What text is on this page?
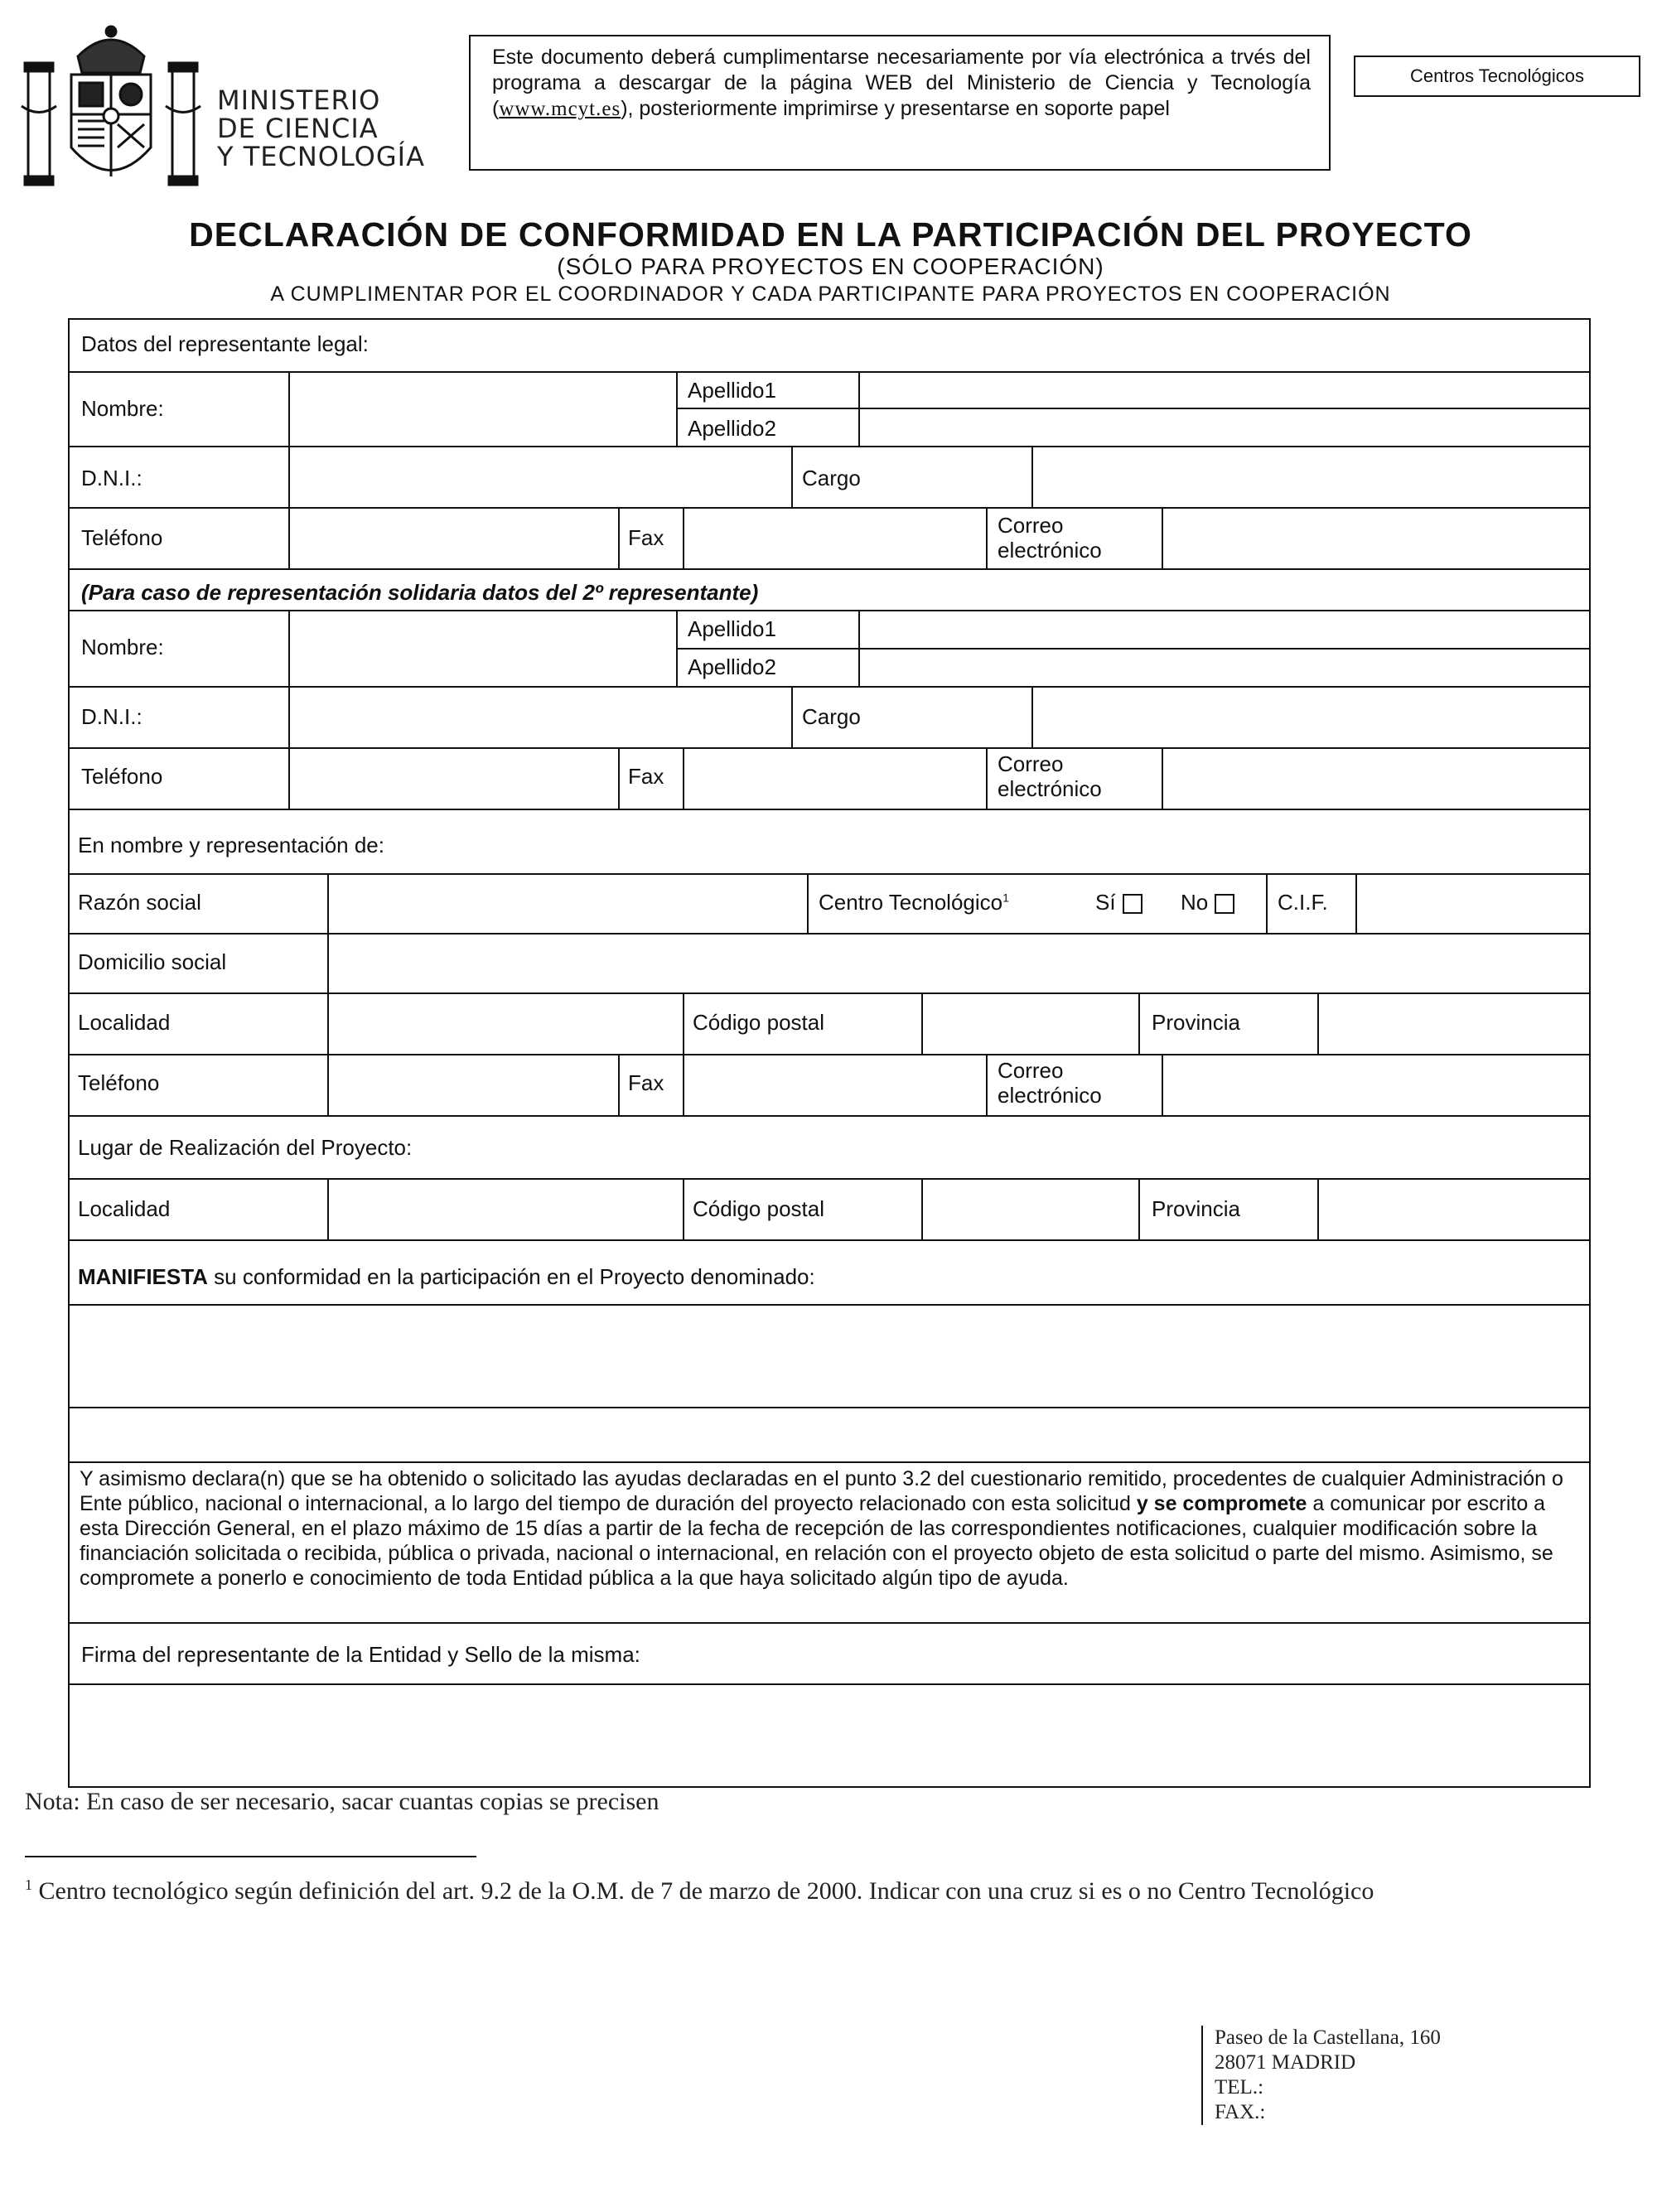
MINISTERIO
DE CIENCIA
Y TECNOLOGÍA
Este documento deberá cumplimentarse necesariamente por vía electrónica a trvés del programa a descargar de la página WEB del Ministerio de Ciencia y Tecnología (www.mcyt.es), posteriormente imprimirse y presentarse en soporte papel
Centros Tecnológicos
DECLARACIÓN DE CONFORMIDAD EN LA PARTICIPACIÓN DEL PROYECTO
(SÓLO PARA PROYECTOS EN COOPERACIÓN)
A CUMPLIMENTAR POR EL COORDINADOR Y CADA PARTICIPANTE PARA PROYECTOS EN COOPERACIÓN
Datos del representante legal:
Nombre:
Apellido1
Apellido2
D.N.I.:	Cargo
Teléfono	Fax	Correo
electrónico
(Para caso de representación solidaria datos del 2º representante)
Nombre:
Apellido1
Apellido2
D.N.I.:	Cargo
Teléfono	Fax	Correo
electrónico
En nombre y representación de:
Razón social	Centro Tecnológico$^1$	Sí	No	C.I.F.
Domicilio social
Localidad	Código postal	Provincia
Teléfono	Fax	Correo
electrónico
Lugar de Realización del Proyecto:
Localidad	Código postal	Provincia
MANIFIESTA su conformidad en la participación en el Proyecto denominado:
Y asimismo declara(n) que se ha obtenido o solicitado las ayudas declaradas en el punto 3.2 del cuestionario remitido, procedentes de cualquier Administración o Ente público, nacional o internacional, a lo largo del tiempo de duración del proyecto relacionado con esta solicitud y se compromete a comunicar por escrito a esta Dirección General, en el plazo máximo de 15 días a partir de la fecha de recepción de las correspondientes notificaciones, cualquier modificación sobre la financiación solicitada o recibida, pública o privada, nacional o internacional, en relación con el proyecto objeto de esta solicitud o parte del mismo. Asimismo, se compromete a ponerlo e conocimiento de toda Entidad pública a la que haya solicitado algún tipo de ayuda.
Firma del representante de la Entidad y Sello de la misma:
Nota: En caso de ser necesario, sacar cuantas copias se precisen
$^1$ Centro tecnológico según definición del art. 9.2 de la O.M. de 7 de marzo de 2000. Indicar con una cruz si es o no Centro Tecnológico
Paseo de la Castellana, 160
28071 MADRID
TEL.:
FAX.:
